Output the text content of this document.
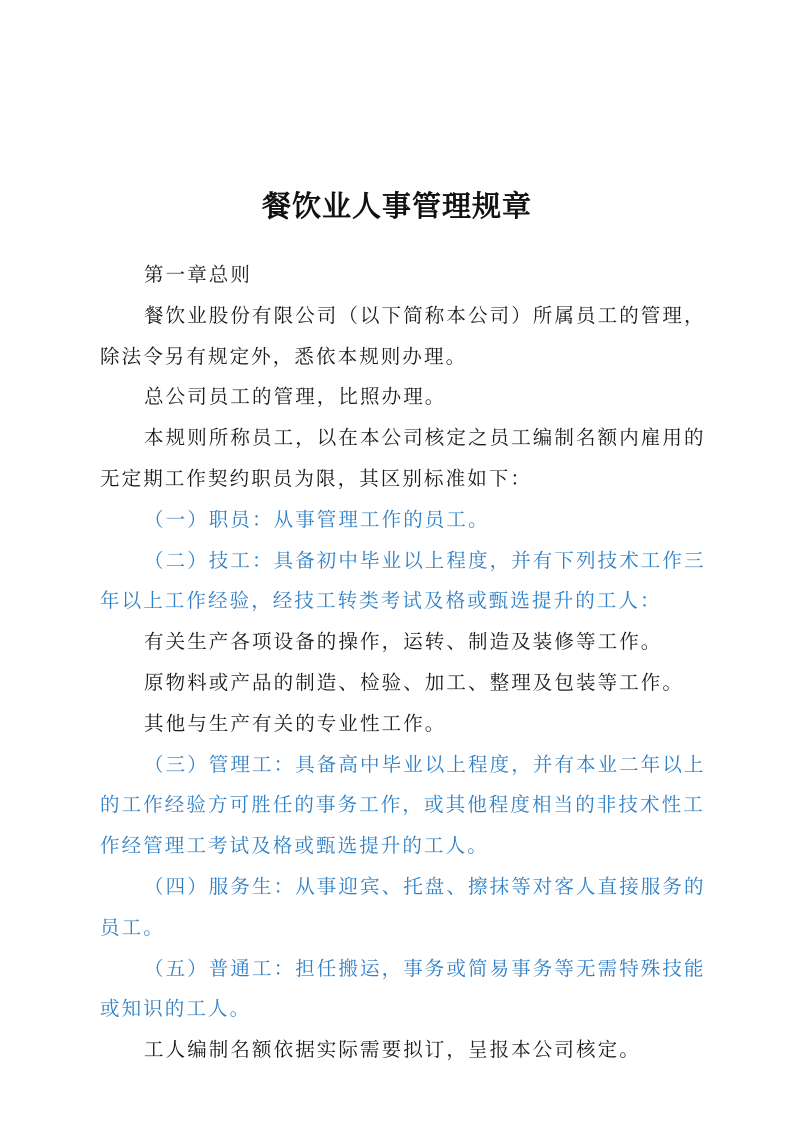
餐饮业人事管理规章

第一章总则

餐饮业股份有限公司（以下简称本公司）所属员工的管理，
除法令另有规定外，悉依本规则办理。

总公司员工的管理，比照办理。

本规则所称员工，以在本公司核定之员工编制名额内雇用的
无定期工作契约职员为限，其区别标准如下：

（一）职员：从事管理工作的员工。

（二）技工：具备初中毕业以上程度，并有下列技术工作三
年以上工作经验，经技工转类考试及格或甄选提升的工人：

有关生产各项设备的操作，运转、制造及装修等工作。

原物料或产品的制造、检验、加工、整理及包装等工作。

其他与生产有关的专业性工作。

（三）管理工：具备高中毕业以上程度，并有本业二年以上
的工作经验方可胜任的事务工作，或其他程度相当的非技术性工
作经管理工考试及格或甄选提升的工人。

（四）服务生：从事迎宾、托盘、擦抹等对客人直接服务的
员工。

（五）普通工：担任搬运，事务或简易事务等无需特殊技能
或知识的工人。

工人编制名额依据实际需要拟订，呈报本公司核定。
